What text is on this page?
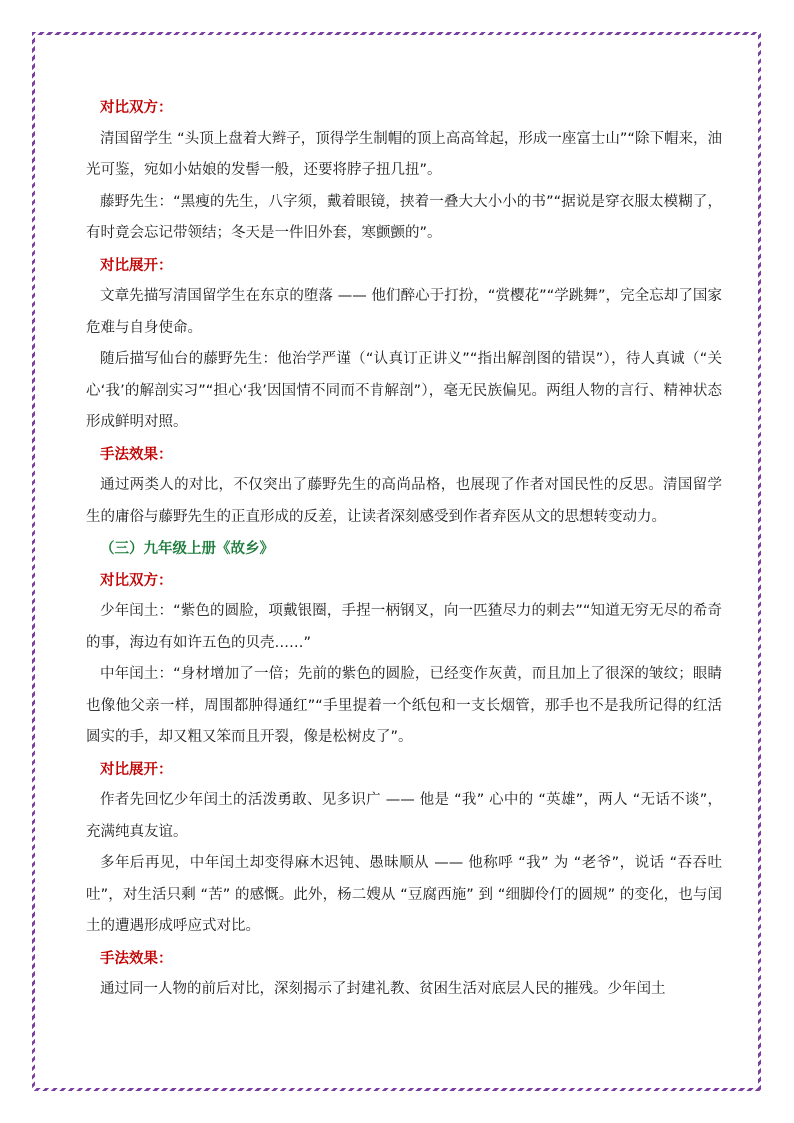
对比双方：

清国留学生 “头顶上盘着大辫子，顶得学生制帽的顶上高高耸起，形成一座富士山”“除下帽来，油光可鉴，宛如小姑娘的发髻一般，还要将脖子扭几扭”。

藤野先生：“黑瘦的先生，八字须，戴着眼镜，挟着一叠大大小小的书”“据说是穿衣服太模糊了，有时竟会忘记带领结；冬天是一件旧外套，寒颤颤的”。

对比展开：

文章先描写清国留学生在东京的堕落 —— 他们醉心于打扮，“赏樱花”“学跳舞”，完全忘却了国家危难与自身使命。

随后描写仙台的藤野先生：他治学严谨（“认真订正讲义”“指出解剖图的错误”），待人真诚（“关心‘我’的解剖实习”“担心‘我’因国情不同而不肯解剖”），毫无民族偏见。两组人物的言行、精神状态形成鲜明对照。

手法效果：

通过两类人的对比，不仅突出了藤野先生的高尚品格，也展现了作者对国民性的反思。清国留学生的庸俗与藤野先生的正直形成的反差，让读者深刻感受到作者弃医从文的思想转变动力。

（三）九年级上册《故乡》

对比双方：

少年闰土：“紫色的圆脸，项戴银圈，手捏一柄钢叉，向一匹猹尽力的刺去”“知道无穷无尽的希奇的事，海边有如许五色的贝壳……”

中年闰土：“身材增加了一倍；先前的紫色的圆脸，已经变作灰黄，而且加上了很深的皱纹；眼睛也像他父亲一样，周围都肿得通红”“手里提着一个纸包和一支长烟管，那手也不是我所记得的红活圆实的手，却又粗又笨而且开裂，像是松树皮了”。

对比展开：

作者先回忆少年闰土的活泼勇敢、见多识广 —— 他是 “我” 心中的 “英雄”，两人 “无话不谈”，充满纯真友谊。

多年后再见，中年闰土却变得麻木迟钝、愚昧顺从 —— 他称呼 “我” 为 “老爷”，说话 “吞吞吐吐”，对生活只剩 “苦” 的感慨。此外，杨二嫂从 “豆腐西施” 到 “细脚伶仃的圆规” 的变化，也与闰土的遭遇形成呼应式对比。

手法效果：

通过同一人物的前后对比，深刻揭示了封建礼教、贫困生活对底层人民的摧残。少年闰土
